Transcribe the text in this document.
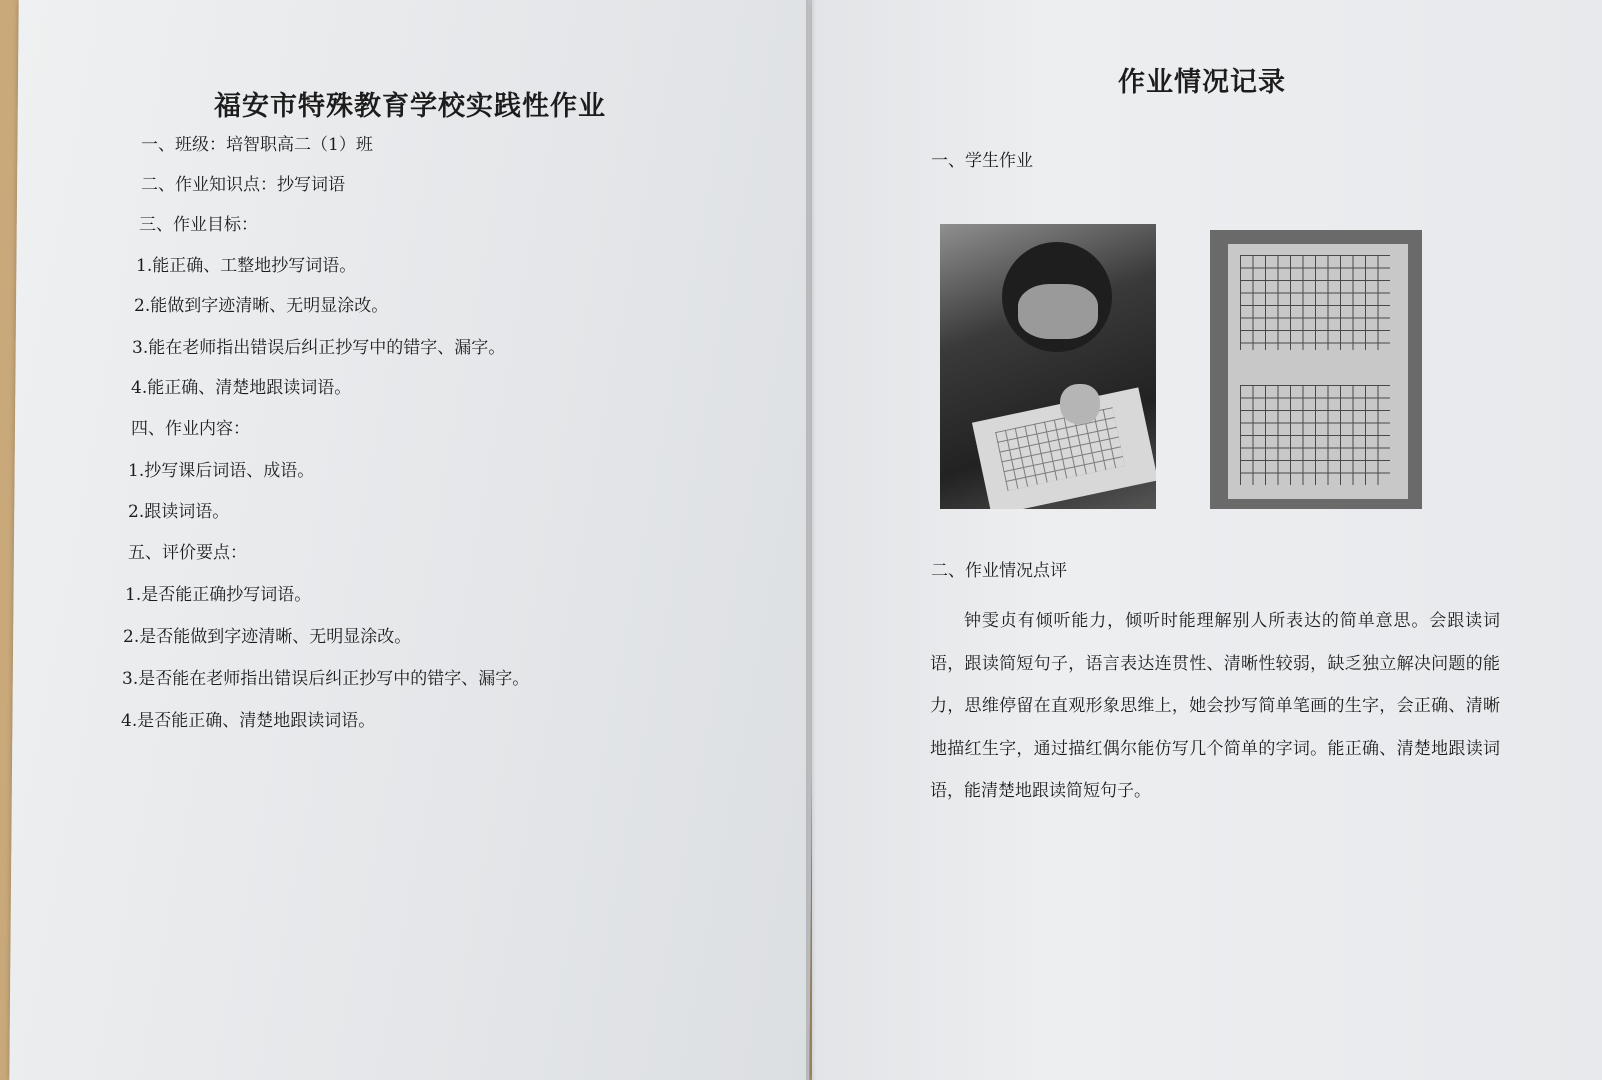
福安市特殊教育学校实践性作业
一、班级：培智职高二（1）班
二、作业知识点：抄写词语
三、作业目标：
1.能正确、工整地抄写词语。
2.能做到字迹清晰、无明显涂改。
3.能在老师指出错误后纠正抄写中的错字、漏字。
4.能正确、清楚地跟读词语。
四、作业内容：
1.抄写课后词语、成语。
2.跟读词语。
五、评价要点：
1.是否能正确抄写词语。
2.是否能做到字迹清晰、无明显涂改。
3.是否能在老师指出错误后纠正抄写中的错字、漏字。
4.是否能正确、清楚地跟读词语。
作业情况记录
一、学生作业
二、作业情况点评
钟雯贞有倾听能力，倾听时能理解别人所表达的简单意思。会跟读词语，跟读简短句子，语言表达连贯性、清晰性较弱，缺乏独立解决问题的能力，思维停留在直观形象思维上，她会抄写简单笔画的生字，会正确、清晰地描红生字，通过描红偶尔能仿写几个简单的字词。能正确、清楚地跟读词语，能清楚地跟读简短句子。
